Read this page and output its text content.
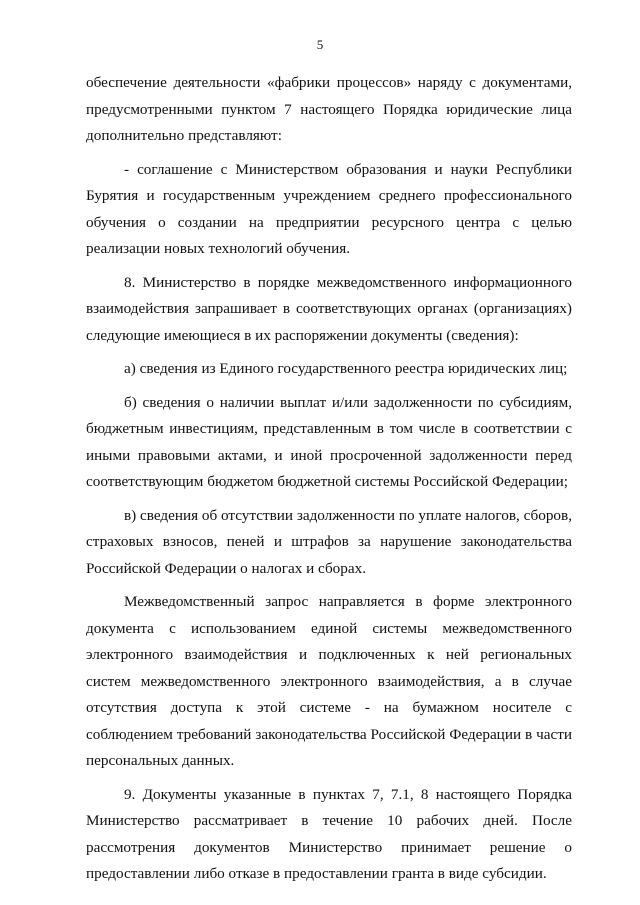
5

обеспечение деятельности «фабрики процессов» наряду с документами, предусмотренными пунктом 7 настоящего Порядка юридические лица дополнительно представляют:

- соглашение с Министерством образования и науки Республики Бурятия и государственным учреждением среднего профессионального обучения о создании на предприятии ресурсного центра с целью реализации новых технологий обучения.

8. Министерство в порядке межведомственного информационного взаимодействия запрашивает в соответствующих органах (организациях) следующие имеющиеся в их распоряжении документы (сведения):

а) сведения из Единого государственного реестра юридических лиц;

б) сведения о наличии выплат и/или задолженности по субсидиям, бюджетным инвестициям, представленным в том числе в соответствии с иными правовыми актами, и иной просроченной задолженности перед соответствующим бюджетом бюджетной системы Российской Федерации;

в) сведения об отсутствии задолженности по уплате налогов, сборов, страховых взносов, пеней и штрафов за нарушение законодательства Российской Федерации о налогах и сборах.

Межведомственный запрос направляется в форме электронного документа с использованием единой системы межведомственного электронного взаимодействия и подключенных к ней региональных систем межведомственного электронного взаимодействия, а в случае отсутствия доступа к этой системе - на бумажном носителе с соблюдением требований законодательства Российской Федерации в части персональных данных.

9. Документы указанные в пунктах 7, 7.1, 8 настоящего Порядка Министерство рассматривает в течение 10 рабочих дней. После рассмотрения документов Министерство принимает решение о предоставлении либо отказе в предоставлении гранта в виде субсидии.
